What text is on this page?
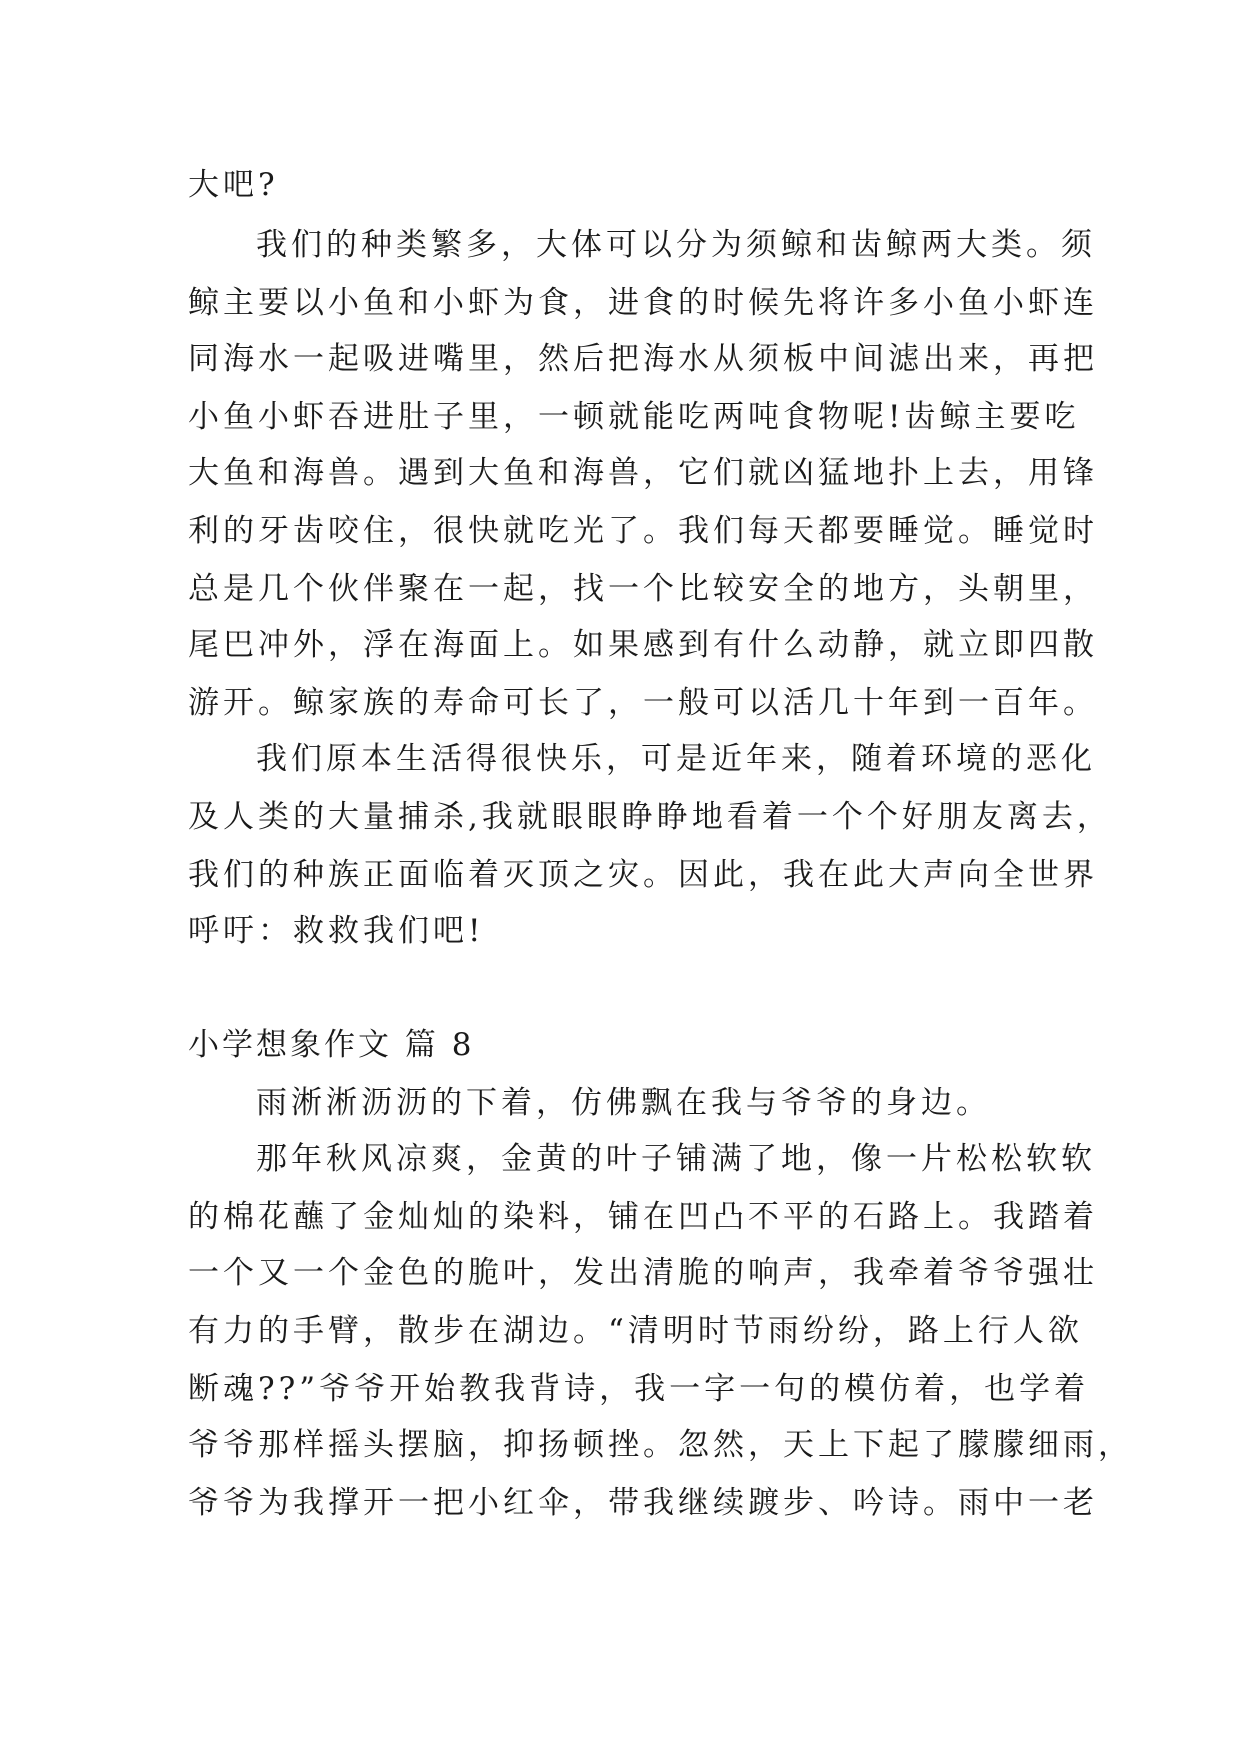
大吧?
我们的种类繁多，大体可以分为须鲸和齿鲸两大类。须
鲸主要以小鱼和小虾为食，进食的时候先将许多小鱼小虾连
同海水一起吸进嘴里，然后把海水从须板中间滤出来，再把
小鱼小虾吞进肚子里，一顿就能吃两吨食物呢!齿鲸主要吃
大鱼和海兽。遇到大鱼和海兽，它们就凶猛地扑上去，用锋
利的牙齿咬住，很快就吃光了。我们每天都要睡觉。睡觉时
总是几个伙伴聚在一起，找一个比较安全的地方，头朝里，
尾巴冲外，浮在海面上。如果感到有什么动静，就立即四散
游开。鲸家族的寿命可长了，一般可以活几十年到一百年。
我们原本生活得很快乐，可是近年来，随着环境的恶化
及人类的大量捕杀,我就眼眼睁睁地看着一个个好朋友离去，
我们的种族正面临着灭顶之灾。因此，我在此大声向全世界
呼吁：救救我们吧!
小学想象作文 篇 8
雨淅淅沥沥的下着，仿佛飘在我与爷爷的身边。
那年秋风凉爽，金黄的叶子铺满了地，像一片松松软软
的棉花蘸了金灿灿的染料，铺在凹凸不平的石路上。我踏着
一个又一个金色的脆叶，发出清脆的响声，我牵着爷爷强壮
有力的手臂，散步在湖边。“清明时节雨纷纷，路上行人欲
断魂??”爷爷开始教我背诗，我一字一句的模仿着，也学着
爷爷那样摇头摆脑，抑扬顿挫。忽然，天上下起了朦朦细雨，
爷爷为我撑开一把小红伞，带我继续踱步、吟诗。雨中一老
